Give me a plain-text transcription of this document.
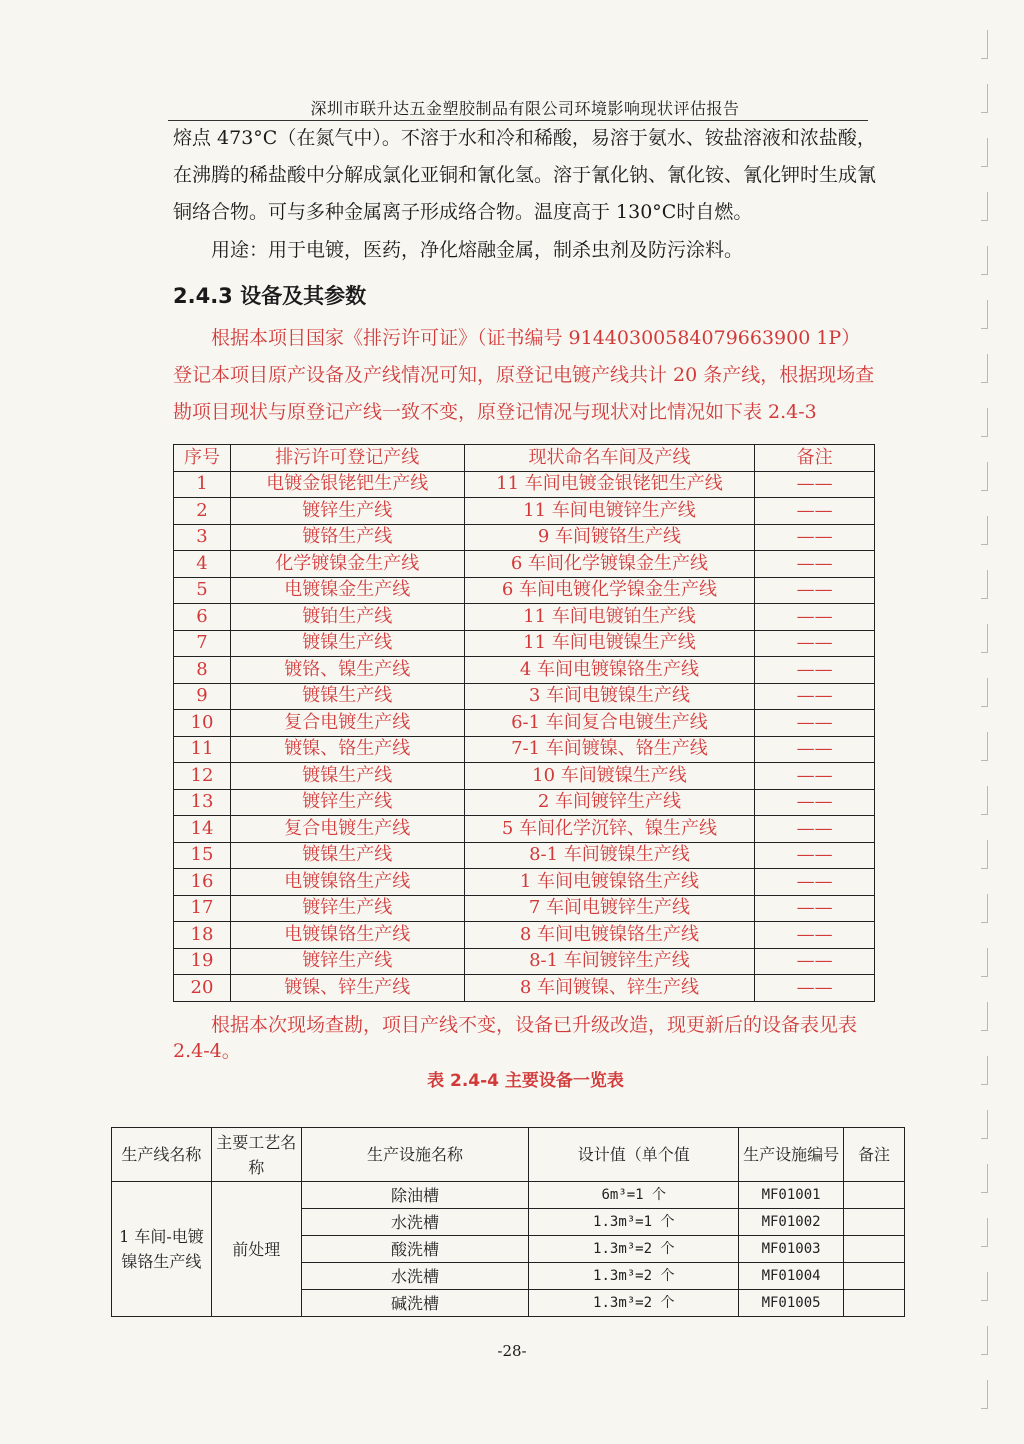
深圳市联升达五金塑胶制品有限公司环境影响现状评估报告

熔点 473°C（在氮气中）。不溶于水和冷和稀酸，易溶于氨水、铵盐溶液和浓盐酸，在沸腾的稀盐酸中分解成氯化亚铜和氰化氢。溶于氰化钠、氰化铵、氰化钾时生成氰铜络合物。可与多种金属离子形成络合物。温度高于 130°C时自燃。

用途：用于电镀，医药，净化熔融金属，制杀虫剂及防污涂料。

2.4.3 设备及其参数

根据本项目国家《排污许可证》（证书编号 91440300584079663900 1P）登记本项目原产设备及产线情况可知，原登记电镀产线共计 20 条产线，根据现场查勘项目现状与原登记产线一致不变，原登记情况与现状对比情况如下表 2.4-3

序号	排污许可登记产线	现状命名车间及产线	备注
1	电镀金银铑钯生产线	11 车间电镀金银铑钯生产线	——
2	镀锌生产线	11 车间电镀锌生产线	——
3	镀铬生产线	9 车间镀铬生产线	——
4	化学镀镍金生产线	6 车间化学镀镍金生产线	——
5	电镀镍金生产线	6 车间电镀化学镍金生产线	——
6	镀铂生产线	11 车间电镀铂生产线	——
7	镀镍生产线	11 车间电镀镍生产线	——
8	镀铬、镍生产线	4 车间电镀镍铬生产线	——
9	镀镍生产线	3 车间电镀镍生产线	——
10	复合电镀生产线	6-1 车间复合电镀生产线	——
11	镀镍、铬生产线	7-1 车间镀镍、铬生产线	——
12	镀镍生产线	10 车间镀镍生产线	——
13	镀锌生产线	2 车间镀锌生产线	——
14	复合电镀生产线	5 车间化学沉锌、镍生产线	——
15	镀镍生产线	8-1 车间镀镍生产线	——
16	电镀镍铬生产线	1 车间电镀镍铬生产线	——
17	镀锌生产线	7 车间电镀锌生产线	——
18	电镀镍铬生产线	8 车间电镀镍铬生产线	——
19	镀锌生产线	8-1 车间镀锌生产线	——
20	镀镍、锌生产线	8 车间镀镍、锌生产线	——

根据本次现场查勘，项目产线不变，设备已升级改造，现更新后的设备表见表 2.4-4。

表 2.4-4 主要设备一览表

生产线名称	主要工艺名称	生产设施名称	设计值（单个值	生产设施编号	备注
1 车间-电镀镍铬生产线	前处理	除油槽	6m³=1 个	MF01001	
		水洗槽	1.3m³=1 个	MF01002	
		酸洗槽	1.3m³=2 个	MF01003	
		水洗槽	1.3m³=2 个	MF01004	
		碱洗槽	1.3m³=2 个	MF01005	
-28-
